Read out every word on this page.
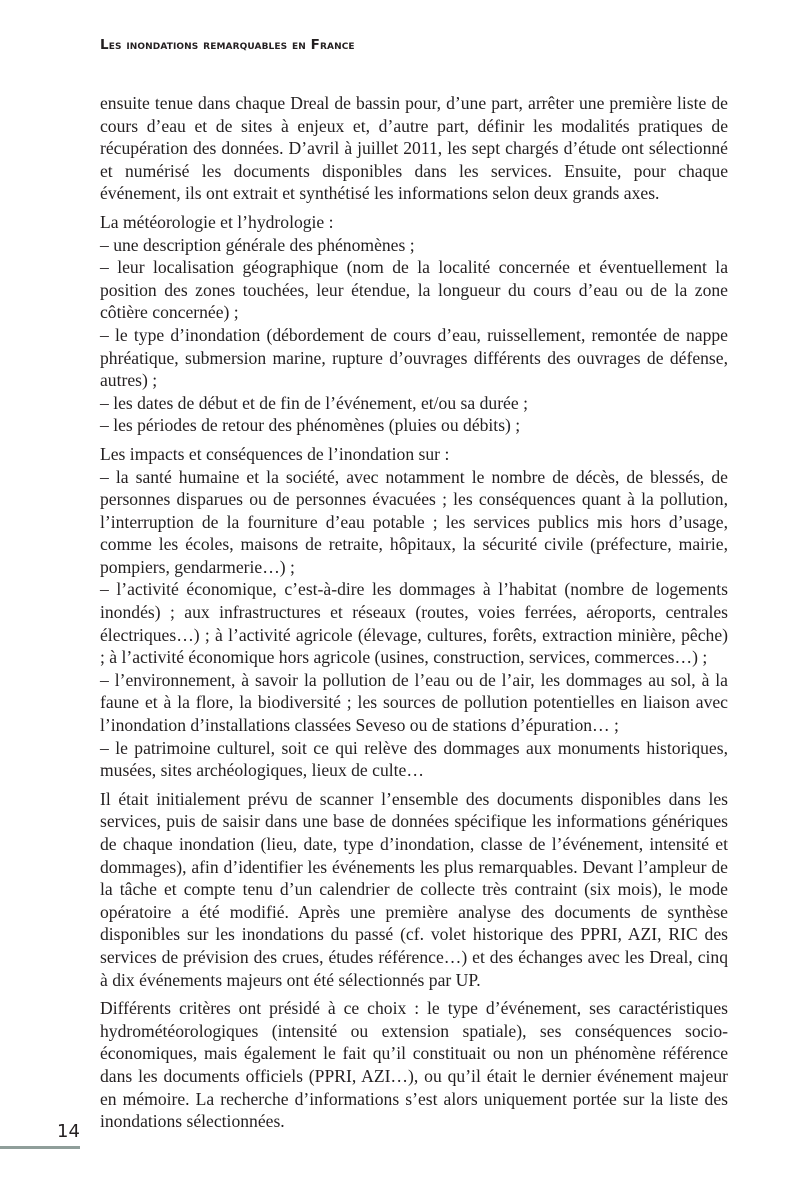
Les inondations remarquables en France

ensuite tenue dans chaque Dreal de bassin pour, d’une part, arrêter une première liste de cours d’eau et de sites à enjeux et, d’autre part, définir les modalités pratiques de récupération des données. D’avril à juillet 2011, les sept chargés d’étude ont sélectionné et numérisé les documents disponibles dans les services. Ensuite, pour chaque événement, ils ont extrait et synthétisé les informations selon deux grands axes.

La météorologie et l’hydrologie :
– une description générale des phénomènes ;
– leur localisation géographique (nom de la localité concernée et éventuellement la position des zones touchées, leur étendue, la longueur du cours d’eau ou de la zone côtière concernée) ;
– le type d’inondation (débordement de cours d’eau, ruissellement, remontée de nappe phréatique, submersion marine, rupture d’ouvrages différents des ouvrages de défense, autres) ;
– les dates de début et de fin de l’événement, et/ou sa durée ;
– les périodes de retour des phénomènes (pluies ou débits) ;
Les impacts et conséquences de l’inondation sur :
– la santé humaine et la société, avec notamment le nombre de décès, de blessés, de personnes disparues ou de personnes évacuées ; les conséquences quant à la pollution, l’interruption de la fourniture d’eau potable ; les services publics mis hors d’usage, comme les écoles, maisons de retraite, hôpitaux, la sécurité civile (préfecture, mairie, pompiers, gendarmerie…) ;
– l’activité économique, c’est-à-dire les dommages à l’habitat (nombre de logements inondés) ; aux infrastructures et réseaux (routes, voies ferrées, aéroports, centrales électriques…) ; à l’activité agricole (élevage, cultures, forêts, extraction minière, pêche) ; à l’activité économique hors agricole (usines, construction, services, commerces…) ;
– l’environnement, à savoir la pollution de l’eau ou de l’air, les dommages au sol, à la faune et à la flore, la biodiversité ; les sources de pollution potentielles en liaison avec l’inondation d’installations classées Seveso ou de stations d’épuration… ;
– le patrimoine culturel, soit ce qui relève des dommages aux monuments historiques, musées, sites archéologiques, lieux de culte…

Il était initialement prévu de scanner l’ensemble des documents disponibles dans les services, puis de saisir dans une base de données spécifique les informations génériques de chaque inondation (lieu, date, type d’inondation, classe de l’événement, intensité et dommages), afin d’identifier les événements les plus remarquables. Devant l’ampleur de la tâche et compte tenu d’un calendrier de collecte très contraint (six mois), le mode opératoire a été modifié. Après une première analyse des documents de synthèse disponibles sur les inondations du passé (cf. volet historique des PPRI, AZI, RIC des services de prévision des crues, études référence…) et des échanges avec les Dreal, cinq à dix événements majeurs ont été sélectionnés par UP.

Différents critères ont présidé à ce choix : le type d’événement, ses caractéristiques hydrométéorologiques (intensité ou extension spatiale), ses conséquences socio-économiques, mais également le fait qu’il constituait ou non un phénomène référence dans les documents officiels (PPRI, AZI…), ou qu’il était le dernier événement majeur en mémoire. La recherche d’informations s’est alors uniquement portée sur la liste des inondations sélectionnées.

14
